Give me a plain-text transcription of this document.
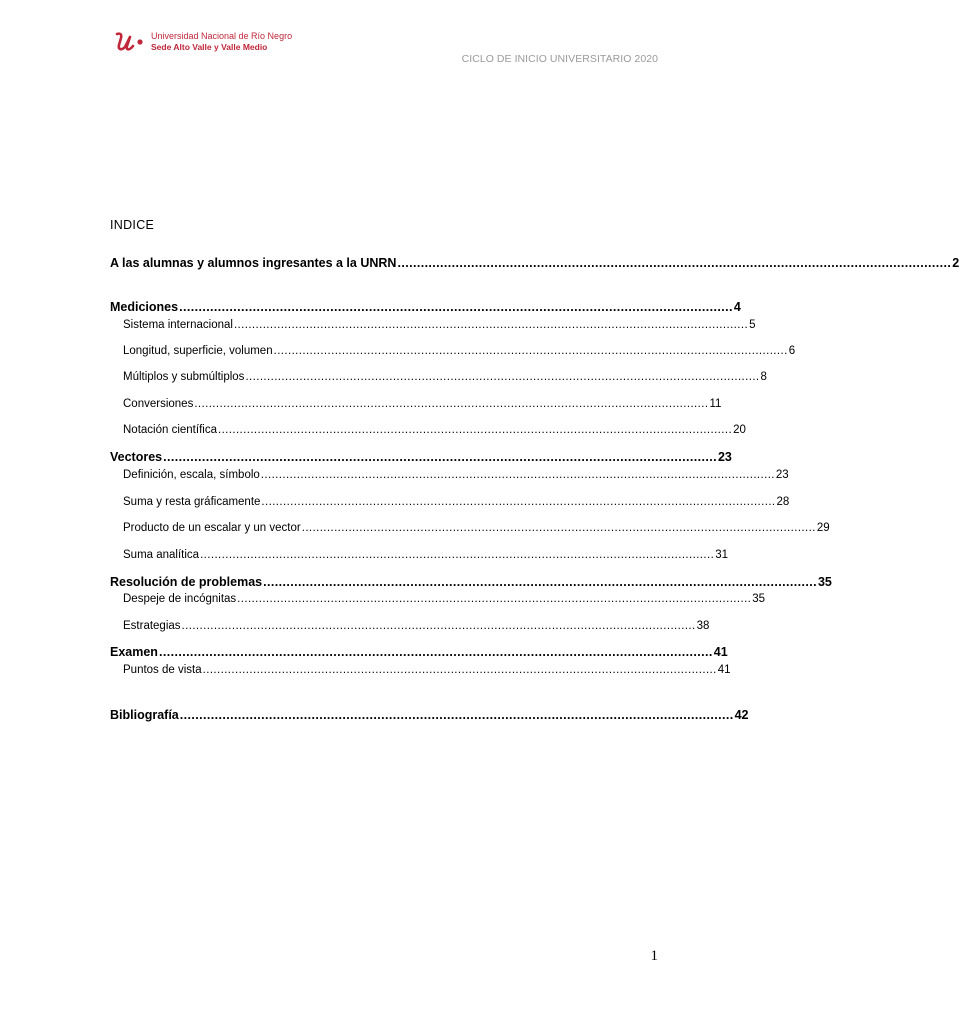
Universidad Nacional de Río Negro
Sede Alto Valle y Valle Medio
CICLO DE INICIO UNIVERSITARIO 2020
INDICE
A las alumnas y alumnos ingresantes a la UNRN ............................................................................................................................................... 2
Mediciones ............................................................................................................................................... 4
Sistema internacional ............................................................................................................................................... 5
Longitud, superficie, volumen ............................................................................................................................................... 6
Múltiplos y submúltiplos ............................................................................................................................................... 8
Conversiones ............................................................................................................................................... 11
Notación científica ............................................................................................................................................... 20
Vectores ............................................................................................................................................... 23
Definición, escala, símbolo ............................................................................................................................................... 23
Suma y resta gráficamente ............................................................................................................................................... 28
Producto de un escalar y un vector ............................................................................................................................................... 29
Suma analítica ............................................................................................................................................... 31
Resolución de problemas ............................................................................................................................................... 35
Despeje de incógnitas ............................................................................................................................................... 35
Estrategias ............................................................................................................................................... 38
Examen ............................................................................................................................................... 41
Puntos de vista ............................................................................................................................................... 41
Bibliografía ............................................................................................................................................... 42
1
